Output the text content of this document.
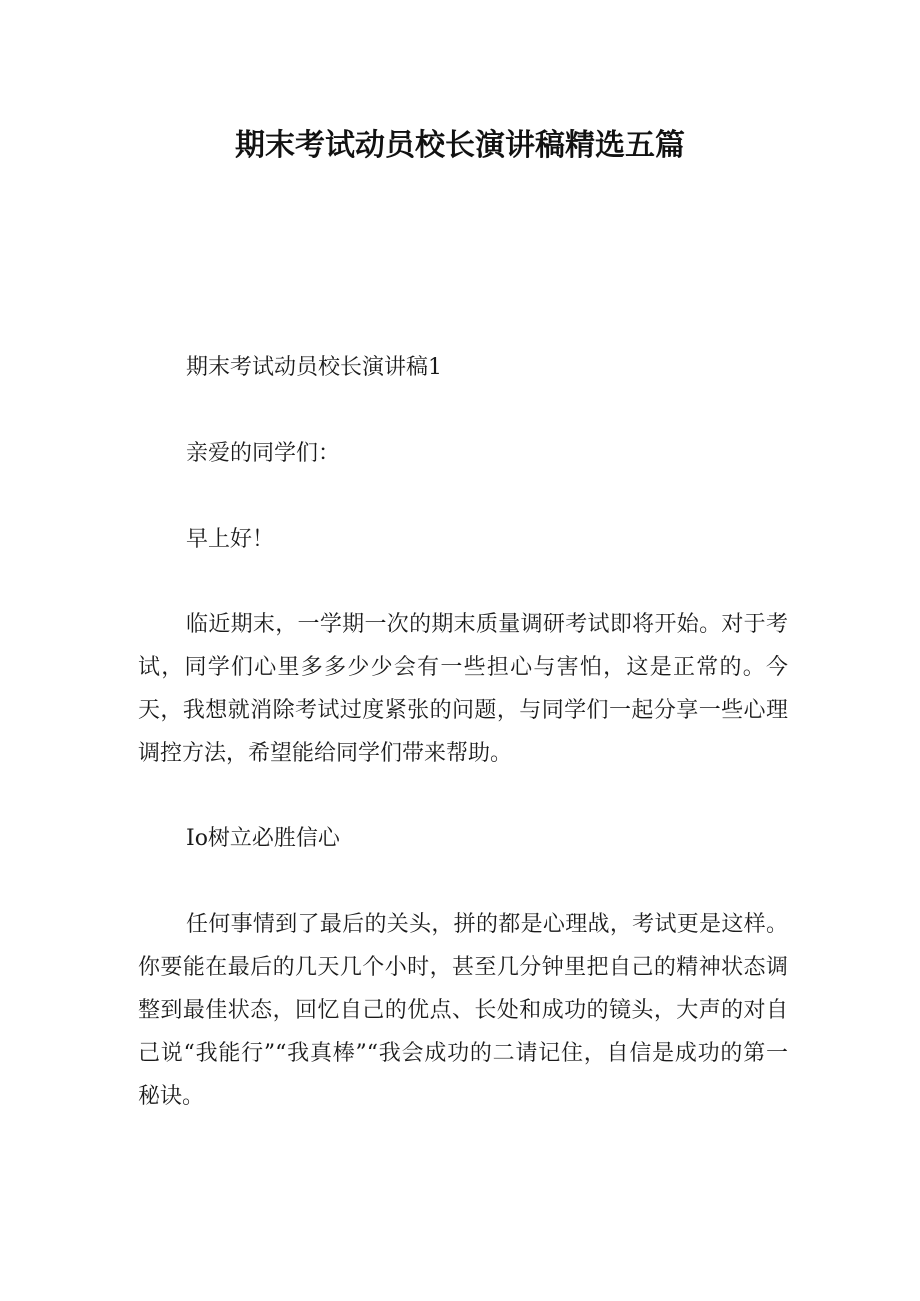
期末考试动员校长演讲稿精选五篇
期末考试动员校长演讲稿1
亲爱的同学们：
早上好！
临近期末，一学期一次的期末质量调研考试即将开始。对于考试，同学们心里多多少少会有一些担心与害怕，这是正常的。今天，我想就消除考试过度紧张的问题，与同学们一起分享一些心理调控方法，希望能给同学们带来帮助。
Io树立必胜信心
任何事情到了最后的关头，拼的都是心理战，考试更是这样。你要能在最后的几天几个小时，甚至几分钟里把自己的精神状态调整到最佳状态，回忆自己的优点、长处和成功的镜头，大声的对自己说“我能行”“我真棒”“我会成功的二请记住，自信是成功的第一秘诀。
